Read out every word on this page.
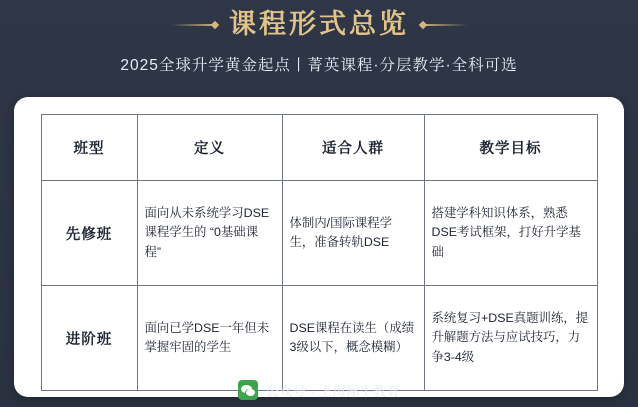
课程形式总览
2025全球升学黄金起点丨菁英课程·分层教学·全科可选
班型	定义	适合人群	教学目标
先修班	面向从未系统学习DSE课程学生的 “0基础课程”	体制内/国际课程学生，准备转轨DSE	搭建学科知识体系，熟悉DSE考试框架，打好升学基础
进阶班	面向已学DSE一年但未掌握牢固的学生	DSE课程在读生（成绩3级以下，概念模糊）	系统复习+DSE真题训练，提升解题方法与应试技巧，力争3-4级
公众号 · 上海犀牛教育
